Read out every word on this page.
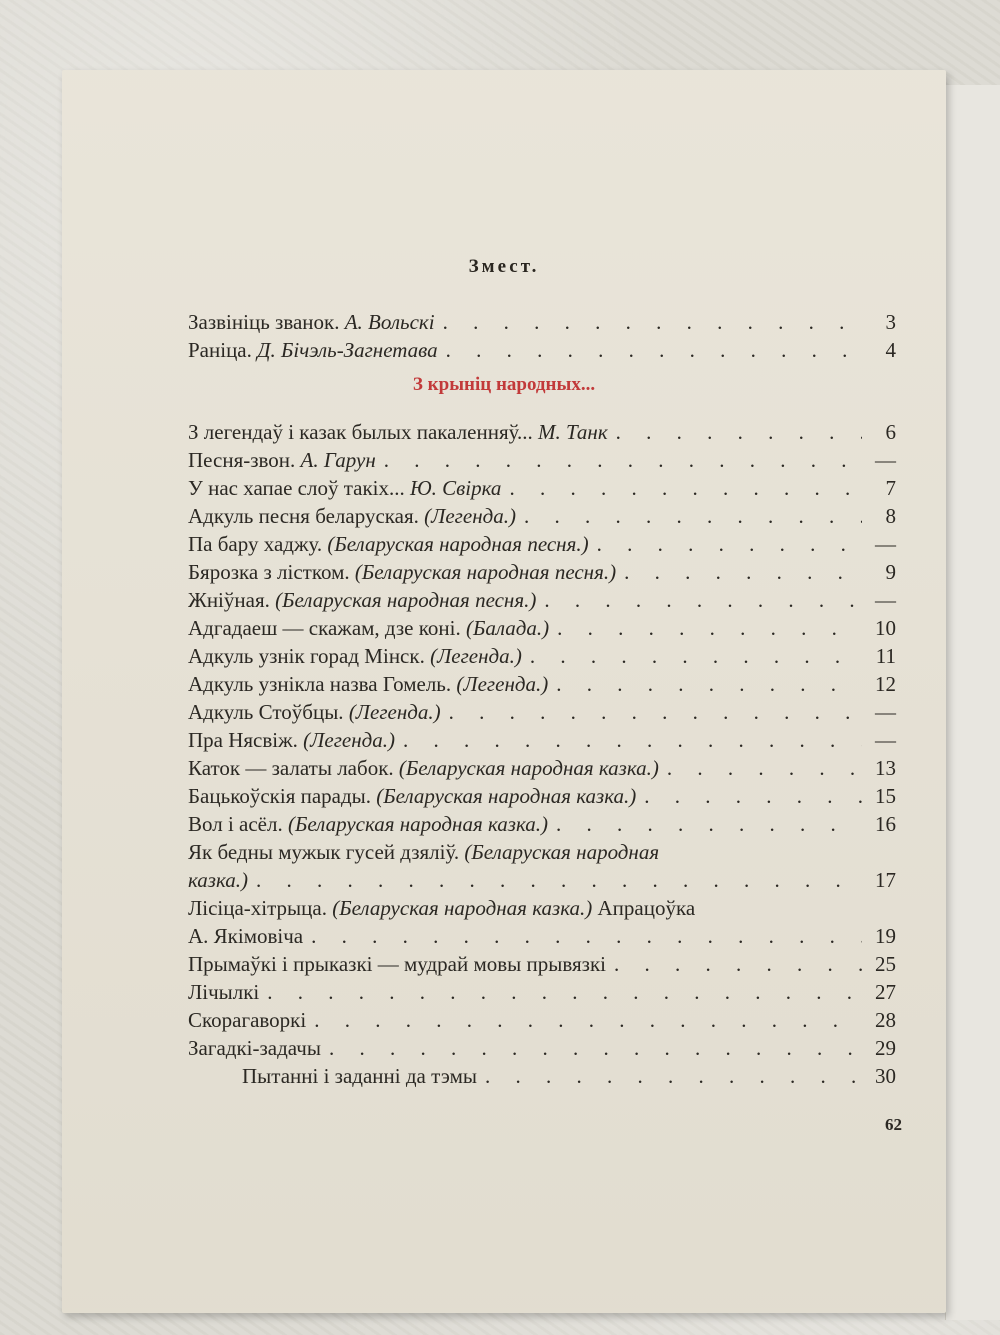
Змест.
Зазвініць званок. А. Вольскі . . .	3
Раніца. Д. Бічэль-Загнетава . . .	4
З крыніц народных...
З легендаў і казак былых пакаленняў... М. Танк . . .	6
Песня-звон. А. Гарун . . .	—
У нас хапае слоў такіх... Ю. Свірка . . .	7
Адкуль песня беларуская. (Легенда.) . . .	8
Па бару хаджу. (Беларуская народная песня.) . . .	—
Бярозка з лістком. (Беларуская народная песня.) . . .	9
Жніўная. (Беларуская народная песня.) . . .	—
Адгадаеш — скажам, дзе коні. (Балада.) . . .	10
Адкуль узнік горад Мінск. (Легенда.) . . .	11
Адкуль узнікла назва Гомель. (Легенда.) . . .	12
Адкуль Стоўбцы. (Легенда.) . . .	—
Пра Нясвіж. (Легенда.) . . .	—
Каток — залаты лабок. (Беларуская народная казка.) . . .	13
Бацькоўскія парады. (Беларуская народная казка.) . . .	15
Вол і асёл. (Беларуская народная казка.) . . .	16
Як бедны мужык гусей дзяліў. (Беларуская народная
казка.) . . .	17
Лісіца-хітрыца. (Беларуская народная казка.) Апрацоўка
А. Якімовіча . . .	19
Прымаўкі і прыказкі — мудрай мовы прывязкі . . .	25
Лічылкі . . .	27
Скорагаворкі . . .	28
Загадкі-задачы . . .	29
Пытанні і заданні да тэмы . . .	30
62
